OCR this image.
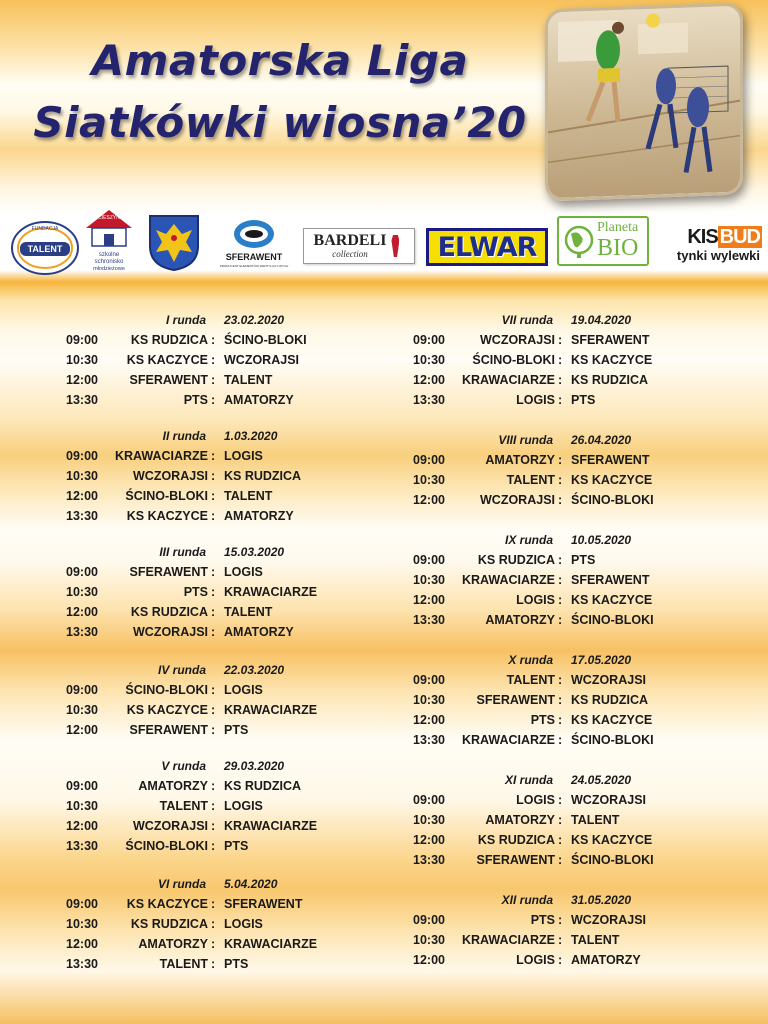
Amatorska Liga
Siatkówki wiosna’20
TALENT
FUNDACJA
CIESZYN
szkolne
schronisko
młodzieżowe
SFERAWENT
PRODUCENT ELEMENTÓW WENTYLACYJNYCH
BARDELI
collection	ELWAR
Planeta
BIO KIS BUD
tynki wylewki
I runda 23.02.2020
09:00	KS RUDZICA : ŚCINO-BLOKI
10:30 KS KACZYCE : WCZORAJSI
12:00	SFERAWENT : TALENT
13:30	PTS : AMATORZY
II runda 1.03.2020
09:00 KRAWACIARZE : LOGIS
10:30	WCZORAJSI : KS RUDZICA
12:00 ŚCINO-BLOKI : TALENT
13:30 KS KACZYCE : AMATORZY
III runda 15.03.2020
09:00	SFERAWENT : LOGIS
10:30	PTS : KRAWACIARZE
12:00	KS RUDZICA : TALENT
13:30	WCZORAJSI : AMATORZY
IV runda 22.03.2020
09:00 ŚCINO-BLOKI : LOGIS
10:30 KS KACZYCE : KRAWACIARZE
12:00	SFERAWENT : PTS
V runda 29.03.2020
09:00	AMATORZY : KS RUDZICA
10:30	TALENT : LOGIS
12:00	WCZORAJSI : KRAWACIARZE
13:30 ŚCINO-BLOKI : PTS
VI runda 5.04.2020
09:00 KS KACZYCE : SFERAWENT
10:30	KS RUDZICA : LOGIS
12:00	AMATORZY : KRAWACIARZE
13:30	TALENT : PTS
VII runda 19.04.2020
09:00	WCZORAJSI : SFERAWENT
10:30 ŚCINO-BLOKI : KS KACZYCE
12:00 KRAWACIARZE : KS RUDZICA
13:30	LOGIS : PTS
VIII runda 26.04.2020
09:00	AMATORZY : SFERAWENT
10:30	TALENT : KS KACZYCE
12:00	WCZORAJSI : ŚCINO-BLOKI
IX runda 10.05.2020
09:00	KS RUDZICA : PTS
10:30 KRAWACIARZE : SFERAWENT
12:00	LOGIS : KS KACZYCE
13:30	AMATORZY : ŚCINO-BLOKI
X runda 17.05.2020
09:00	TALENT : WCZORAJSI
10:30	SFERAWENT : KS RUDZICA
12:00	PTS : KS KACZYCE
13:30 KRAWACIARZE : ŚCINO-BLOKI
XI runda 24.05.2020
09:00	LOGIS : WCZORAJSI
10:30	AMATORZY : TALENT
12:00	KS RUDZICA : KS KACZYCE
13:30	SFERAWENT : ŚCINO-BLOKI
XII runda 31.05.2020
09:00	PTS : WCZORAJSI
10:30 KRAWACIARZE : TALENT
12:00	LOGIS : AMATORZY
